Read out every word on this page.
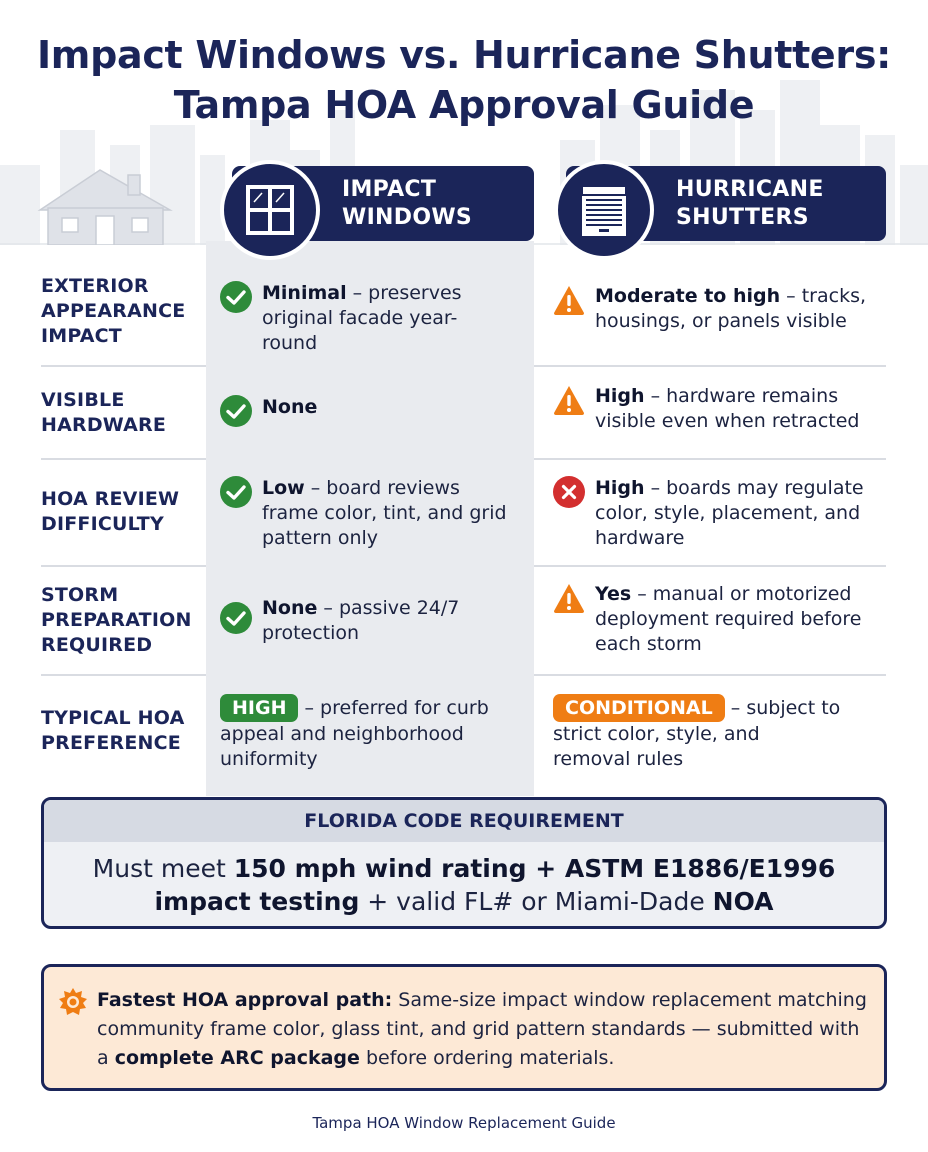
Impact Windows vs. Hurricane Shutters:
Tampa HOA Approval Guide
IMPACT
WINDOWS
HURRICANE
SHUTTERS
EXTERIOR
APPEARANCE
IMPACT
Minimal – preserves
original facade year-
round
Moderate to high – tracks,
housings, or panels visible
VISIBLE
HARDWARE
None	High – hardware remains
visible even when retracted
HOA REVIEW
DIFFICULTY
Low – board reviews
frame color, tint, and grid
pattern only
High – boards may regulate
color, style, placement, and
hardware
STORM
PREPARATION
REQUIRED
None – passive 24/7
protection
Yes – manual or motorized
deployment required before
each storm
TYPICAL HOA
PREFERENCE
HIGH – preferred for curb
appeal and neighborhood
uniformity
CONDITIONAL – subject to
strict color, style, and
removal rules
FLORIDA CODE REQUIREMENT
Must meet 150 mph wind rating + ASTM E1886/E1996
impact testing + valid FL# or Miami-Dade NOA
Fastest HOA approval path: Same-size impact window replacement matching community frame color, glass tint, and grid pattern standards — submitted with a complete ARC package before ordering materials.
Tampa HOA Window Replacement Guide
